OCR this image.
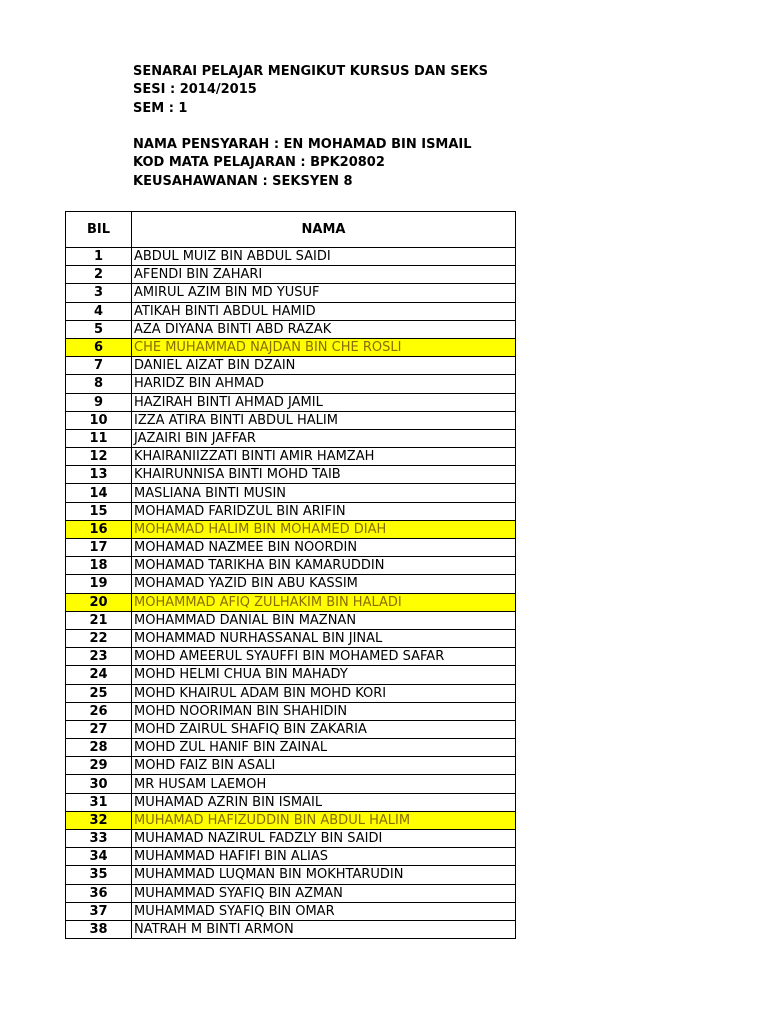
SENARAI PELAJAR MENGIKUT KURSUS DAN SEKS
SESI : 2014/2015
SEM : 1
NAMA PENSYARAH : EN MOHAMAD BIN ISMAIL
KOD MATA PELAJARAN : BPK20802
KEUSAHAWANAN : SEKSYEN 8
BIL	NAMA
1	ABDUL MUIZ BIN ABDUL SAIDI
2	AFENDI BIN ZAHARI
3	AMIRUL AZIM BIN MD YUSUF
4	ATIKAH BINTI ABDUL HAMID
5	AZA DIYANA BINTI ABD RAZAK
6	CHE MUHAMMAD NAJDAN BIN CHE ROSLI
7	DANIEL AIZAT BIN DZAIN
8	HARIDZ BIN AHMAD
9	HAZIRAH BINTI AHMAD JAMIL
10	IZZA ATIRA BINTI ABDUL HALIM
11	JAZAIRI BIN JAFFAR
12	KHAIRANIIZZATI BINTI AMIR HAMZAH
13	KHAIRUNNISA BINTI MOHD TAIB
14	MASLIANA BINTI MUSIN
15	MOHAMAD FARIDZUL BIN ARIFIN
16	MOHAMAD HALIM BIN MOHAMED DIAH
17	MOHAMAD NAZMEE BIN NOORDIN
18	MOHAMAD TARIKHA BIN KAMARUDDIN
19	MOHAMAD YAZID BIN ABU KASSIM
20	MOHAMMAD AFIQ ZULHAKIM BIN HALADI
21	MOHAMMAD DANIAL BIN MAZNAN
22	MOHAMMAD NURHASSANAL BIN JINAL
23	MOHD AMEERUL SYAUFFI BIN MOHAMED SAFAR
24	MOHD HELMI CHUA BIN MAHADY
25	MOHD KHAIRUL ADAM BIN MOHD KORI
26	MOHD NOORIMAN BIN SHAHIDIN
27	MOHD ZAIRUL SHAFIQ BIN ZAKARIA
28	MOHD ZUL HANIF BIN ZAINAL
29	MOHD FAIZ BIN ASALI
30	MR HUSAM LAEMOH
31	MUHAMAD AZRIN BIN ISMAIL
32	MUHAMAD HAFIZUDDIN BIN ABDUL HALIM
33	MUHAMAD NAZIRUL FADZLY BIN SAIDI
34	MUHAMMAD HAFIFI BIN ALIAS
35	MUHAMMAD LUQMAN BIN MOKHTARUDIN
36	MUHAMMAD SYAFIQ BIN AZMAN
37	MUHAMMAD SYAFIQ BIN OMAR
38	NATRAH M BINTI ARMON
